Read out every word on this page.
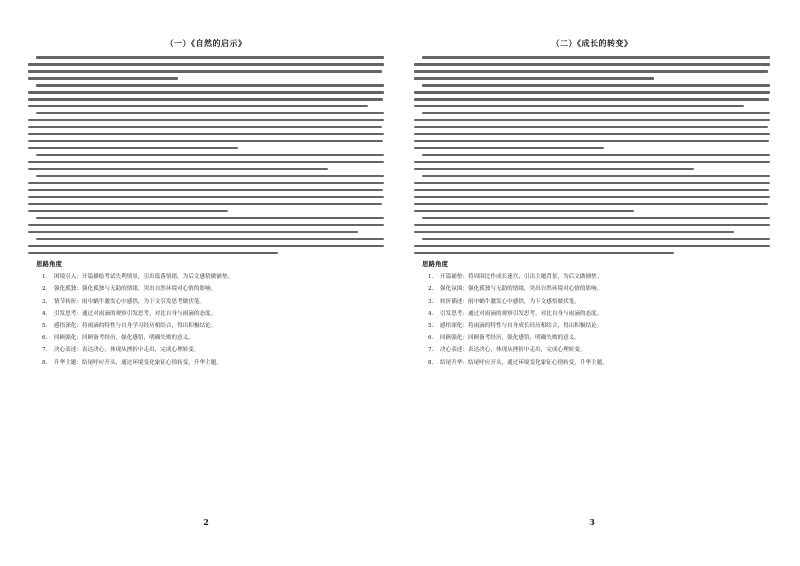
（一）《自然的启示》
思路角度
1. 困境引入：开篇描绘考试失利情景，引出低落情绪，为后文感悟做铺垫。
2. 强化孤独：强化孤独与无助的情绪，突出自然环境对心情的影响。
3. 情节转折：雨中蜗牛激发心中感悟，为下文引发思考做伏笔。
4. 引发思考：通过对雨滴的观察引发思考，对比自身与雨滴的态度。
5. 感悟深化：将雨滴的特性与自身学习经历相结合，得出积极结论。
6. 回顾强化：回顾备考经历，强化感悟，明确失败的意义。
7. 决心表述：表达决心，体现从挫折中走出，完成心理转变。
8. 升华主题：结尾呼应开头，通过环境变化象征心情转变，升华主题。
2
（二）《成长的转变》
思路角度
1. 开篇铺垫：将周围比作成长迷宫，引出主题背景，为后文做铺垫。
2. 强化氛围：强化孤独与无助的情绪，突出自然环境对心情的影响。
3. 转折插述：雨中蜗牛激发心中感悟，为下文感悟做伏笔。
4. 引发思考：通过对雨滴的观察引发思考，对比自身与雨滴的态度。
5. 感悟深化：将雨滴的特性与自身成长经历相结合，得出积极结论。
6. 回顾强化：回顾备考经历，强化感悟，明确失败的意义。
7. 决心表述：表达决心，体现从挫折中走出，完成心理转变。
8. 结尾升华：结尾呼应开头，通过环境变化象征心情转变，升华主题。
3
